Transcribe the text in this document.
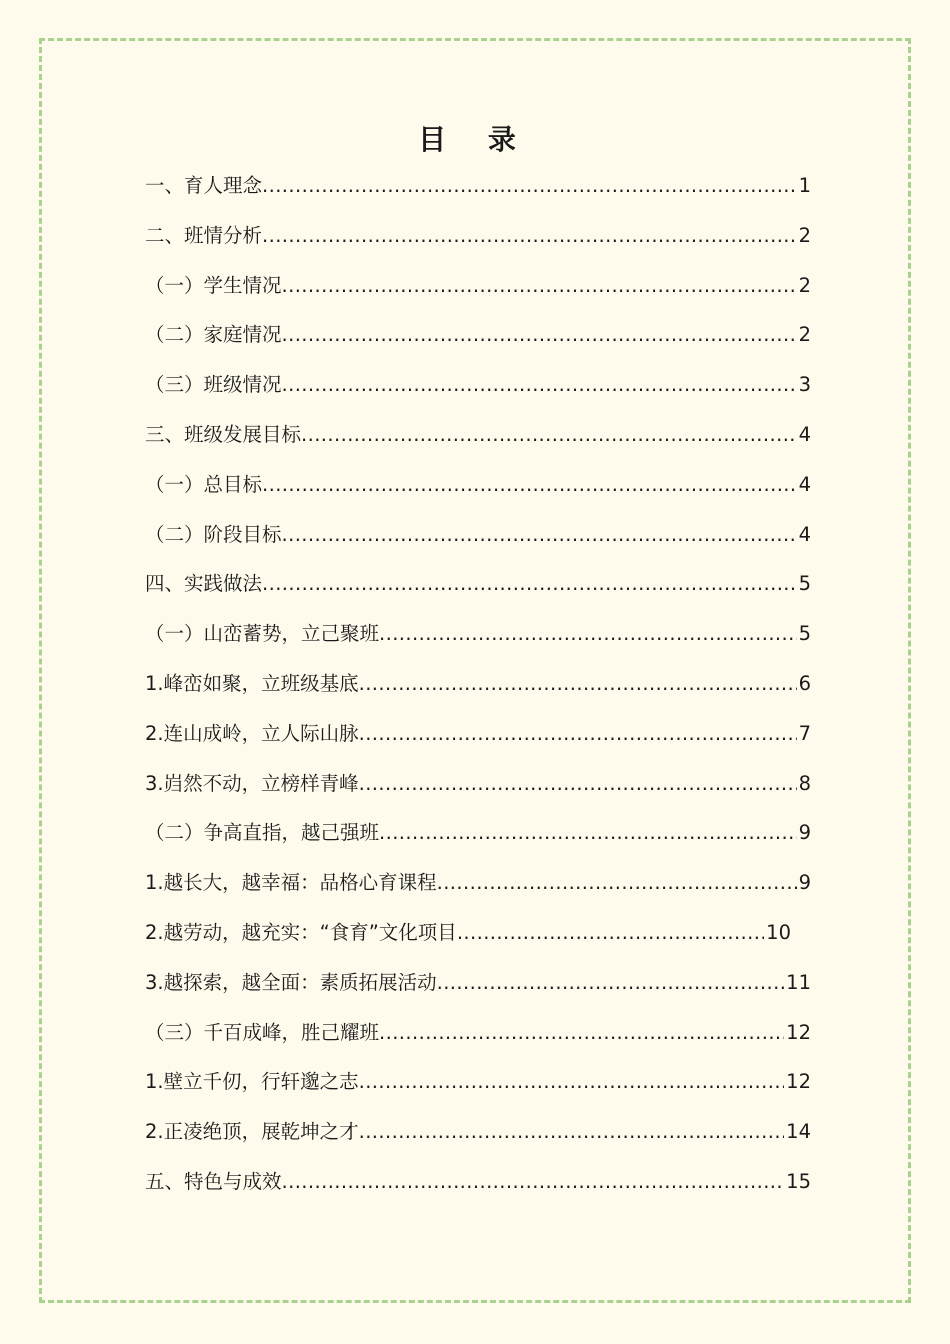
目 录
一、育人理念 .....	1
二、班情分析 .....	2
（一）学生情况 .....	2
（二）家庭情况 .....	2
（三）班级情况 .....	3
三、班级发展目标 .....	4
（一）总目标 .....	4
（二）阶段目标 .....	4
四、实践做法 .....	5
（一）山峦蓄势，立己聚班 .....	5
1.峰峦如聚，立班级基底 .....	6
2.连山成岭，立人际山脉 .....	7
3.岿然不动，立榜样青峰 .....	8
（二）争高直指，越己强班 .....	9
1.越长大，越幸福：品格心育课程 .....	9
2.越劳动，越充实：“食育”文化项目 .....	10
3.越探索，越全面：素质拓展活动 .....	11
（三）千百成峰，胜己耀班 .....	12
1.壁立千仞，行轩邈之志 .....	12
2.正凌绝顶，展乾坤之才 .....	14
五、特色与成效 .....	15
